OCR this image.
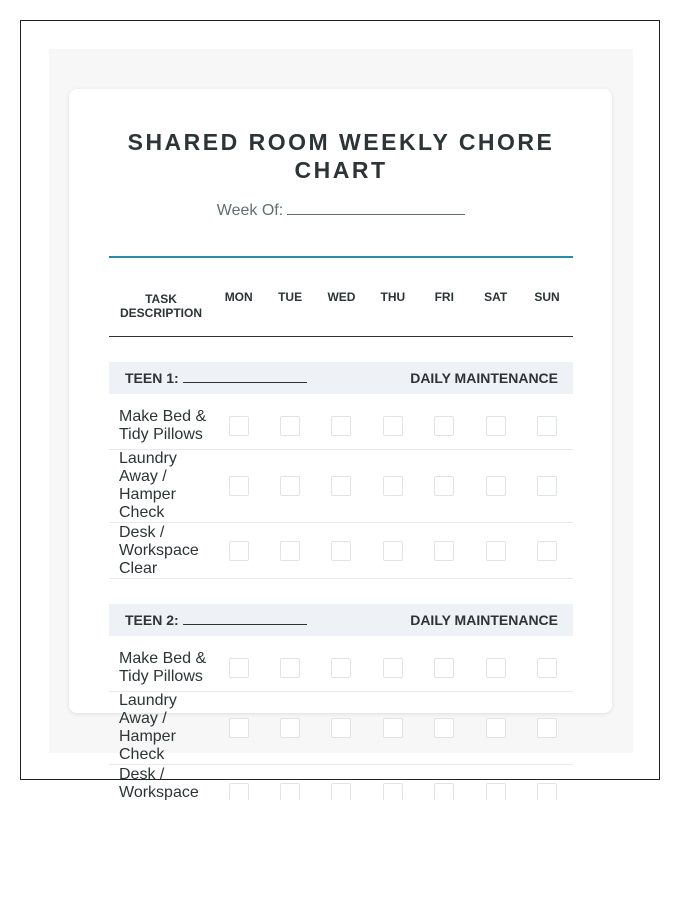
SHARED ROOM WEEKLY CHORE CHART
Week Of:
TASK DESCRIPTION
MON	TUE	WED	THU	FRI	SAT	SUN
TEEN 1:	DAILY MAINTENANCE
Make Bed & Tidy Pillows
Laundry Away / Hamper Check
Desk / Workspace Clear
TEEN 2:	DAILY MAINTENANCE
Make Bed & Tidy Pillows
Laundry Away / Hamper Check
Desk / Workspace
